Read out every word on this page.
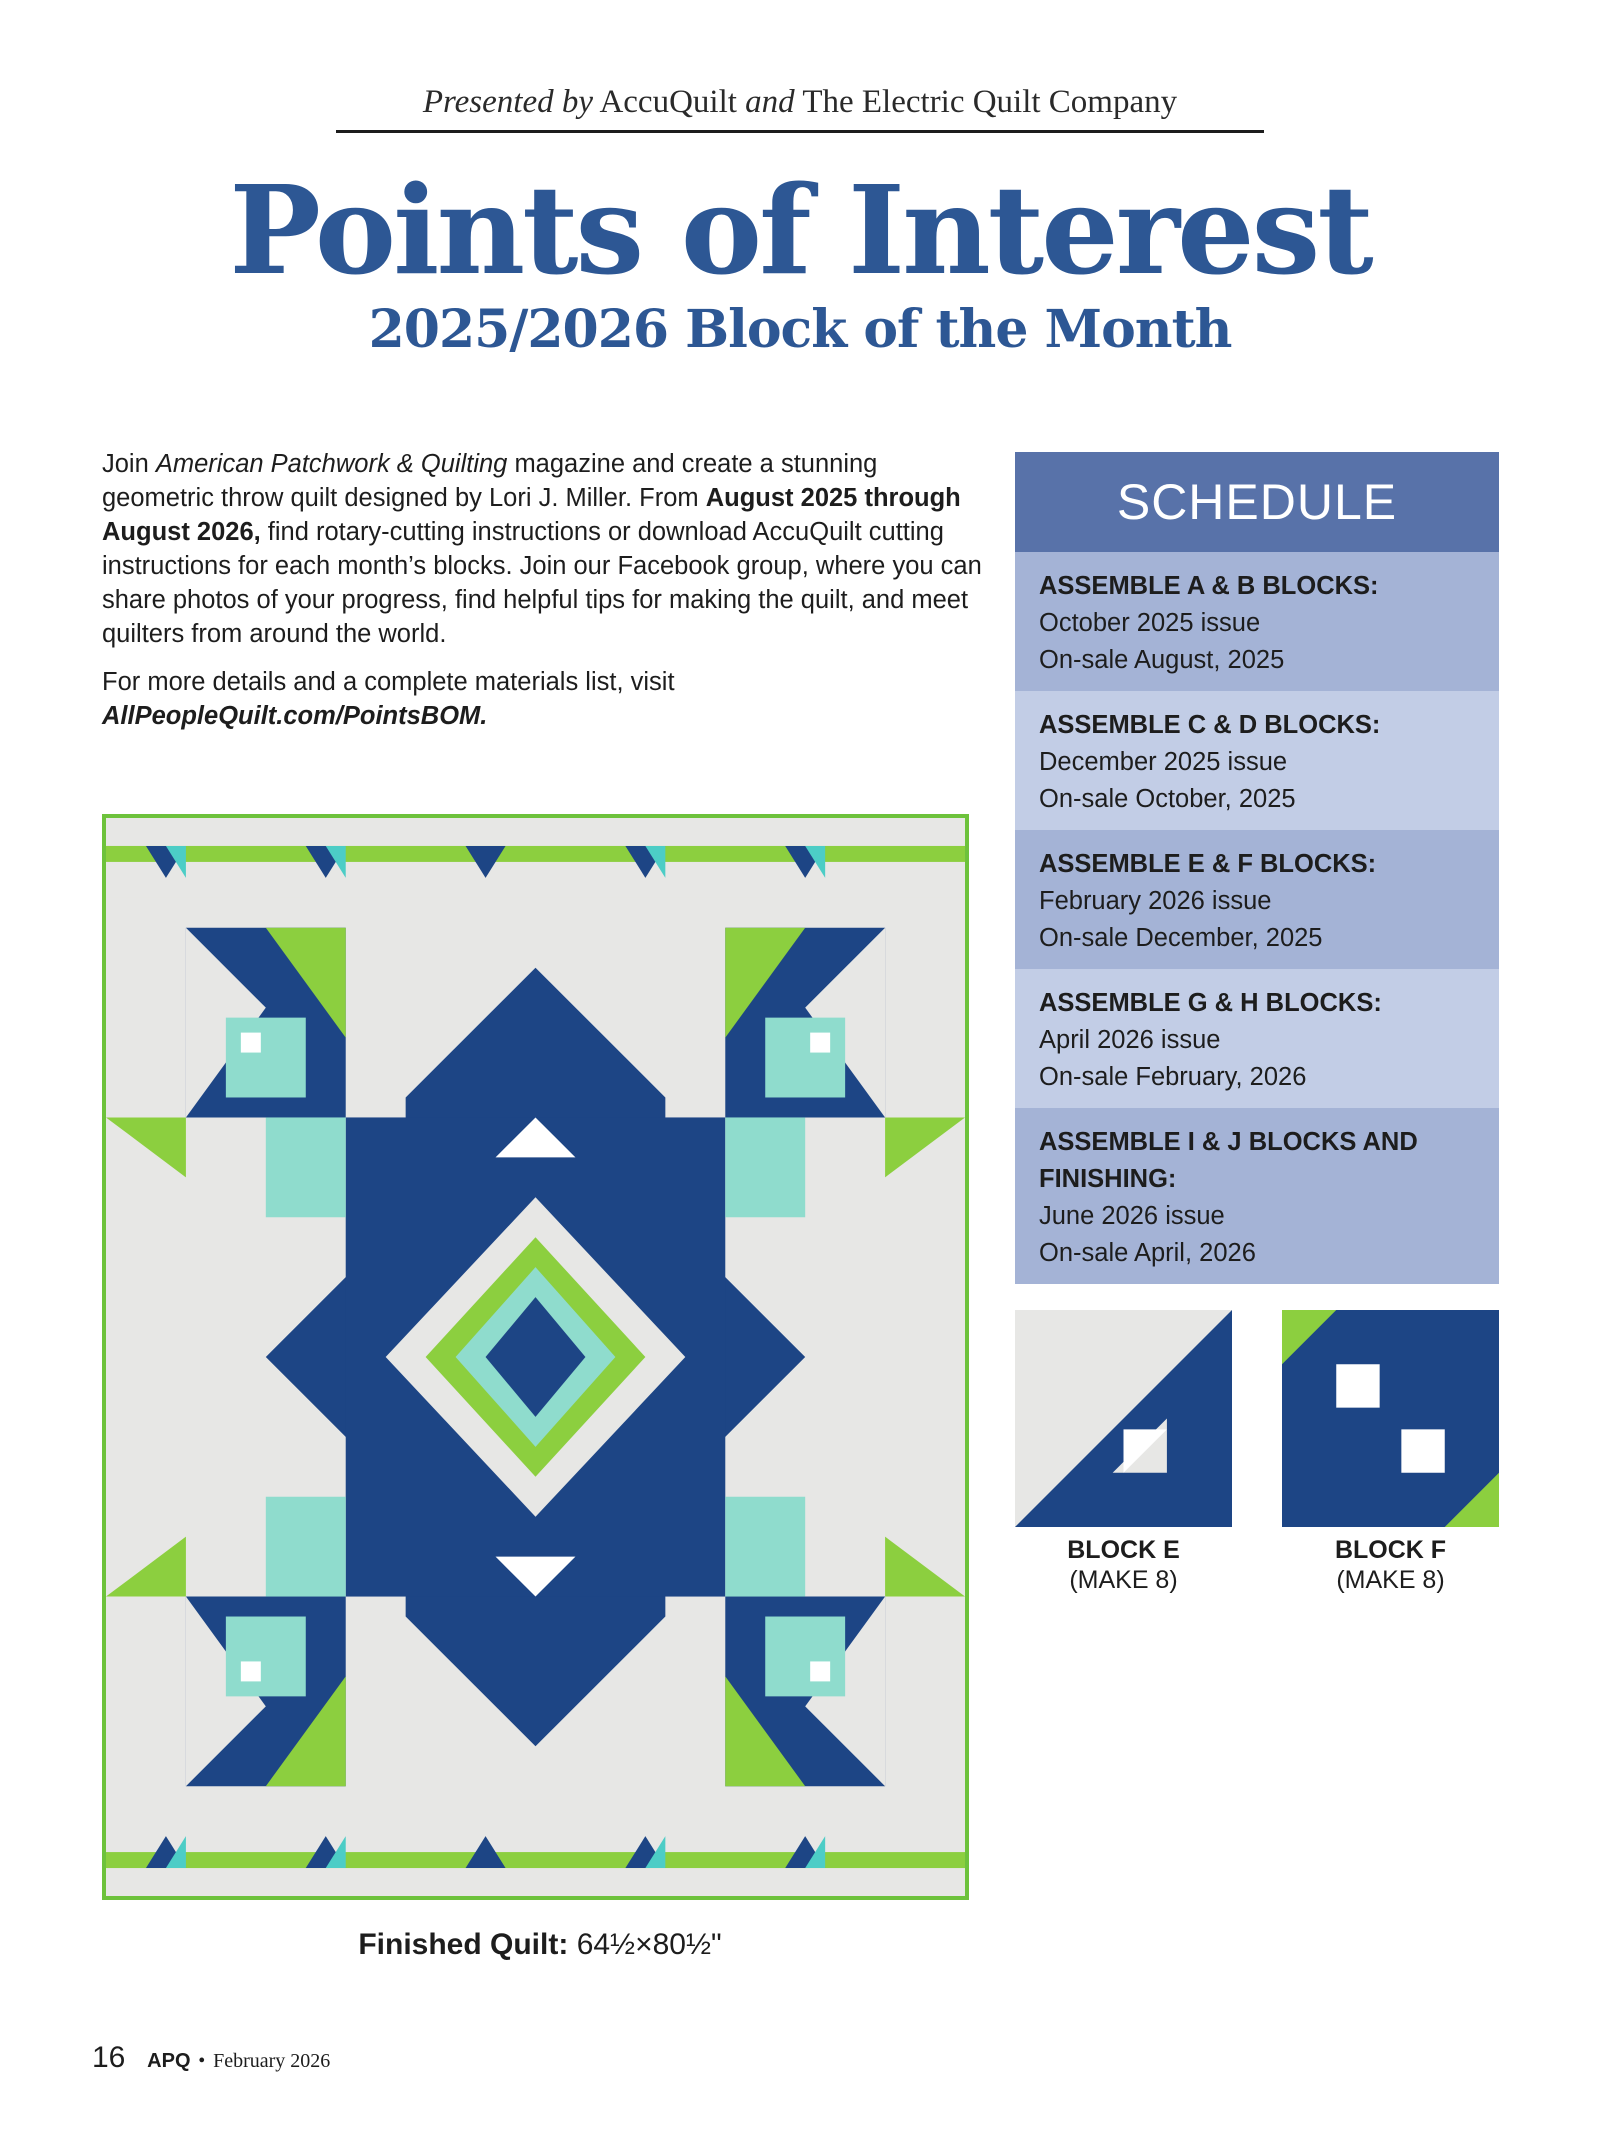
Presented by AccuQuilt and The Electric Quilt Company
Points of Interest
2025/2026 Block of the Month

Join American Patchwork & Quilting magazine and create a stunning geometric throw quilt designed by Lori J. Miller. From August 2025 through August 2026, find rotary-cutting instructions or download AccuQuilt cutting instructions for each month’s blocks. Join our Facebook group, where you can share photos of your progress, find helpful tips for making the quilt, and meet quilters from around the world.

For more details and a complete materials list, visit AllPeopleQuilt.com/PointsBOM.

SCHEDULE
ASSEMBLE A & B BLOCKS:
October 2025 issue
On-sale August, 2025
ASSEMBLE C & D BLOCKS:
December 2025 issue
On-sale October, 2025
ASSEMBLE E & F BLOCKS:
February 2026 issue
On-sale December, 2025
ASSEMBLE G & H BLOCKS:
April 2026 issue
On-sale February, 2026
ASSEMBLE I & J BLOCKS AND FINISHING:
June 2026 issue
On-sale April, 2026
Finished Quilt: 64½×80½"
BLOCK E
(MAKE 8)
BLOCK F
(MAKE 8)
16 APQ • February 2026
